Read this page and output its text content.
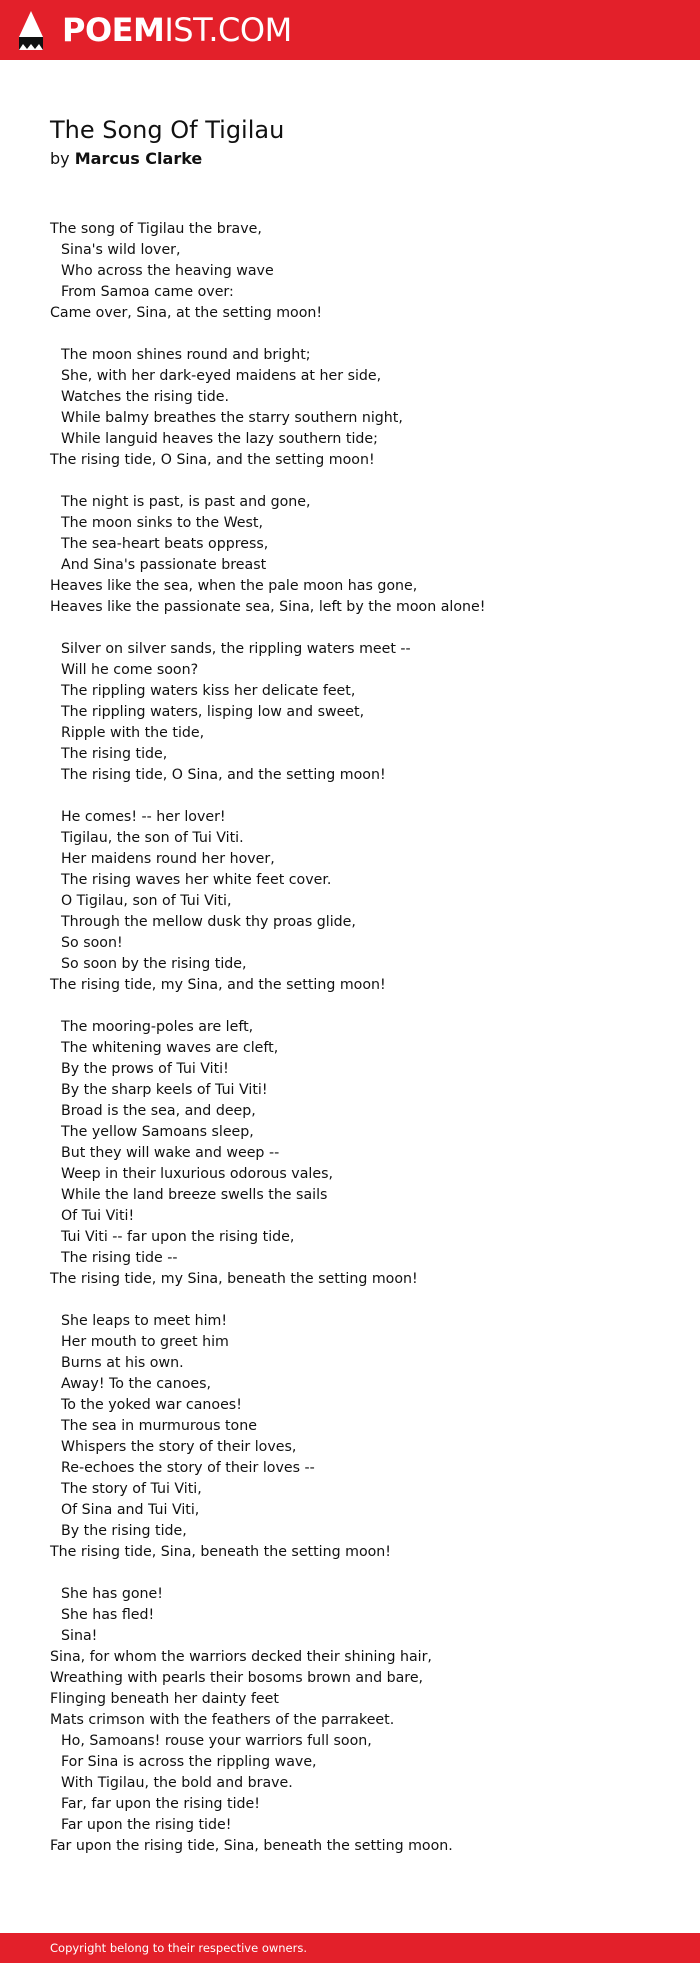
POEMIST.COM
The Song Of Tigilau
by Marcus Clarke
The song of Tigilau the brave,
Sina's wild lover,
Who across the heaving wave
From Samoa came over:
Came over, Sina, at the setting moon!
The moon shines round and bright;
She, with her dark-eyed maidens at her side,
Watches the rising tide.
While balmy breathes the starry southern night,
While languid heaves the lazy southern tide;
The rising tide, O Sina, and the setting moon!
The night is past, is past and gone,
The moon sinks to the West,
The sea-heart beats oppress,
And Sina's passionate breast
Heaves like the sea, when the pale moon has gone,
Heaves like the passionate sea, Sina, left by the moon alone!
Silver on silver sands, the rippling waters meet --
Will he come soon?
The rippling waters kiss her delicate feet,
The rippling waters, lisping low and sweet,
Ripple with the tide,
The rising tide,
The rising tide, O Sina, and the setting moon!
He comes! -- her lover!
Tigilau, the son of Tui Viti.
Her maidens round her hover,
The rising waves her white feet cover.
O Tigilau, son of Tui Viti,
Through the mellow dusk thy proas glide,
So soon!
So soon by the rising tide,
The rising tide, my Sina, and the setting moon!
The mooring-poles are left,
The whitening waves are cleft,
By the prows of Tui Viti!
By the sharp keels of Tui Viti!
Broad is the sea, and deep,
The yellow Samoans sleep,
But they will wake and weep --
Weep in their luxurious odorous vales,
While the land breeze swells the sails
Of Tui Viti!
Tui Viti -- far upon the rising tide,
The rising tide --
The rising tide, my Sina, beneath the setting moon!
She leaps to meet him!
Her mouth to greet him
Burns at his own.
Away! To the canoes,
To the yoked war canoes!
The sea in murmurous tone
Whispers the story of their loves,
Re-echoes the story of their loves --
The story of Tui Viti,
Of Sina and Tui Viti,
By the rising tide,
The rising tide, Sina, beneath the setting moon!
She has gone!
She has fled!
Sina!
Sina, for whom the warriors decked their shining hair,
Wreathing with pearls their bosoms brown and bare,
Flinging beneath her dainty feet
Mats crimson with the feathers of the parrakeet.
Ho, Samoans! rouse your warriors full soon,
For Sina is across the rippling wave,
With Tigilau, the bold and brave.
Far, far upon the rising tide!
Far upon the rising tide!
Far upon the rising tide, Sina, beneath the setting moon.
Copyright belong to their respective owners.
